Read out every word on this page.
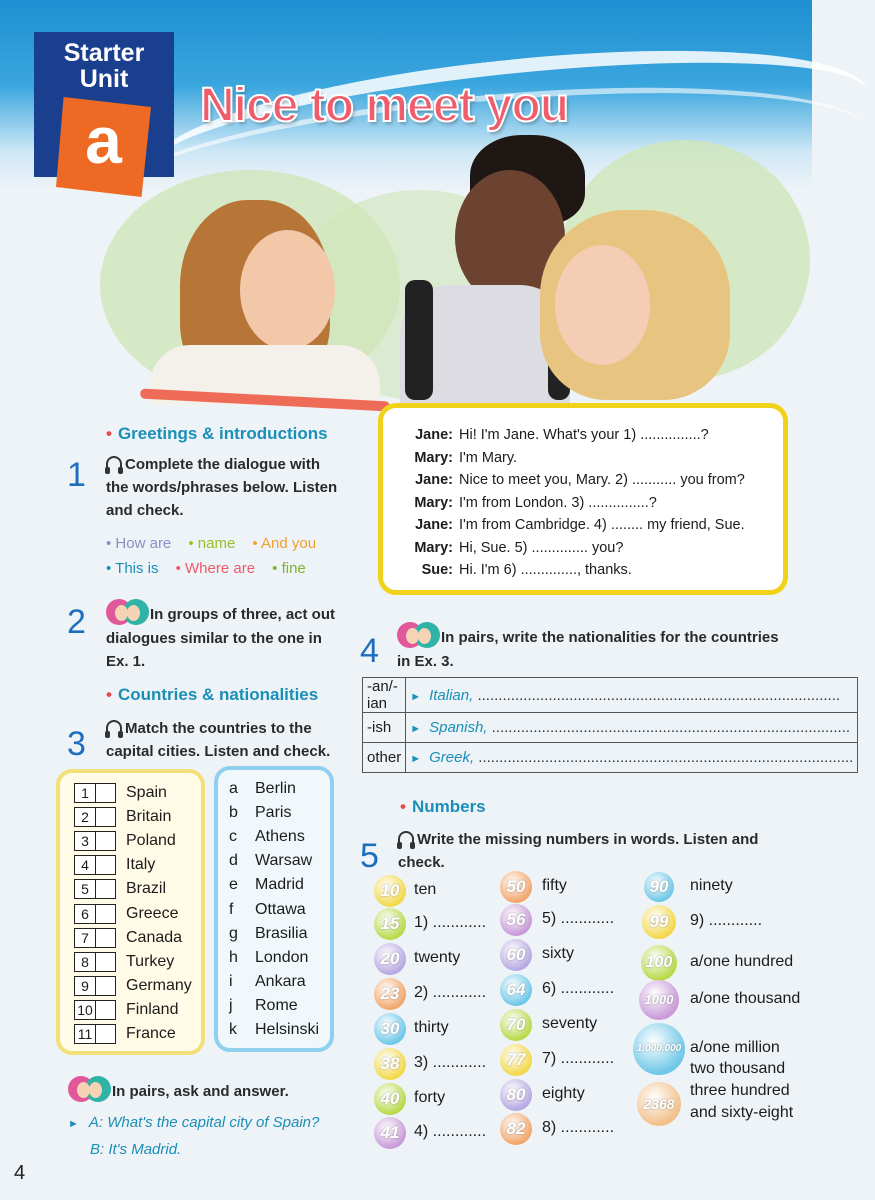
Starter
Unit
a	Nice to meet you
• Greetings & introductions
1	Complete the dialogue with the words/phrases below. Listen and check.
• How are • name • And you
• This is • Where are • fine
2	In groups of three, act out dialogues similar to the one in Ex. 1.
Jane: Hi! I'm Jane. What's your 1) ...............?
Mary: I'm Mary.
Jane: Nice to meet you, Mary. 2) ........... you from?
Mary: I'm from London. 3) ...............?
Jane: I'm from Cambridge. 4) ........ my friend, Sue.
Mary: Hi, Sue. 5) .............. you?
Sue: Hi. I'm 6) .............., thanks.
• Countries & nationalities
3	Match the countries to the capital cities. Listen and check.
1 Spain
2 Britain
3 Poland
4 Italy
5 Brazil
6 Greece
7 Canada
8 Turkey
9 Germany
10 Finland
11 France
a Berlin
b Paris
c Athens
d Warsaw
e Madrid
f Ottawa
g Brasilia
h London
i Ankara
j Rome
k Helsinski
In pairs, ask and answer.
► A: What's the capital city of Spain?
B: It's Madrid.
4	In pairs, write the nationalities for the countries in Ex. 3.
-an/-ian	► Italian, .......................................................................................
-ish	► Spanish, ......................................................................................
other	► Greek, ..........................................................................................
• Numbers
5	Write the missing numbers in words. Listen and check.
10 ten
15 1) ............
20 twenty
23 2) ............
30 thirty
38 3) ............
40 forty
41 4) ............
50	fifty
56	5) ............
60	sixty
64	6) ............
70	seventy
77	7) ............
80	eighty
82	8) ............
90	ninety
99	9) ............
100 a/one hundred
1000	a/one thousand
1.000.000 a/one million
2368
two thousand
three hundred
and sixty-eight
4
